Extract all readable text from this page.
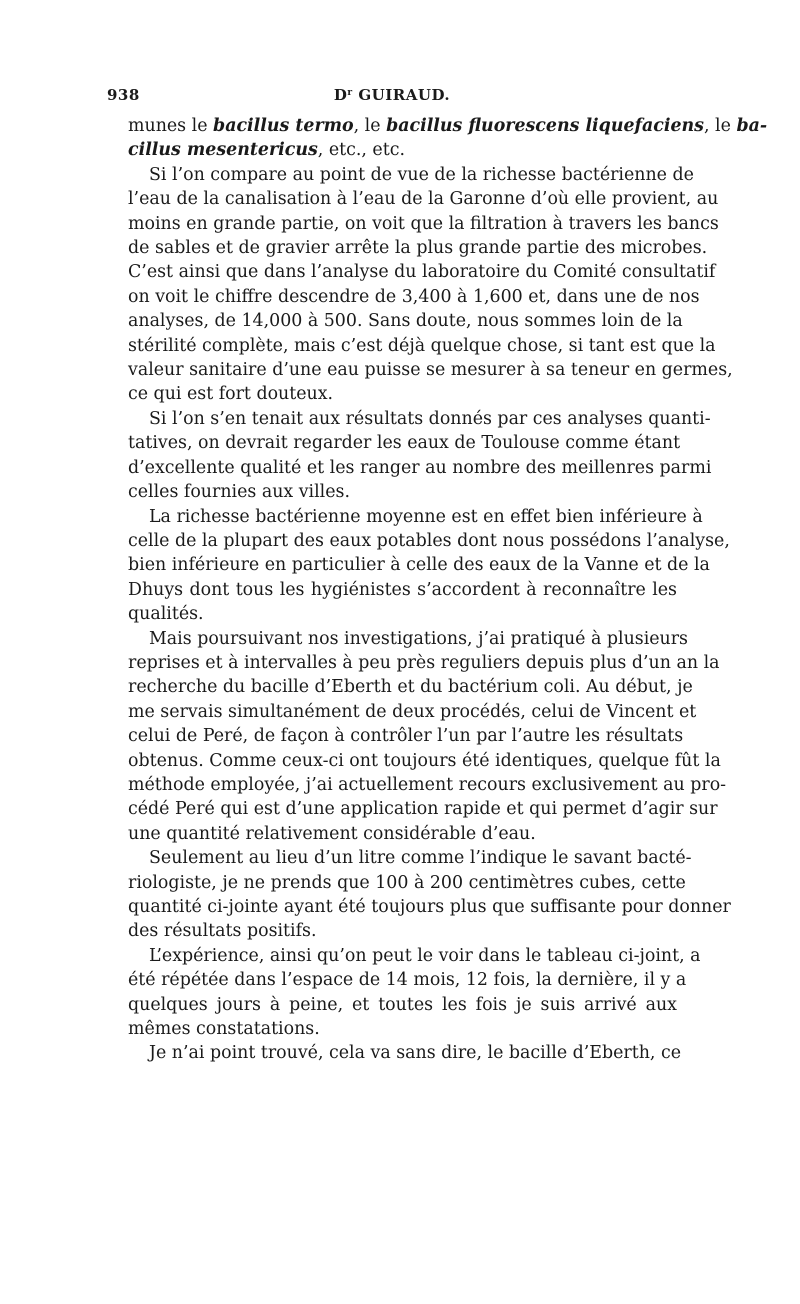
938	$D^r$ GUIRAUD.
munes le bacillus termo, le bacillus fluorescens liquefaciens, le ba-
cillus mesentericus, etc., etc.
Si l’on compare au point de vue de la richesse bactérienne de
l’eau de la canalisation à l’eau de la Garonne d’où elle provient, au
moins en grande partie, on voit que la filtration à travers les bancs
de sables et de gravier arrête la plus grande partie des microbes.
C’est ainsi que dans l’analyse du laboratoire du Comité consultatif
on voit le chiffre descendre de 3,400 à 1,600 et, dans une de nos
analyses, de 14,000 à 500. Sans doute, nous sommes loin de la
stérilité complète, mais c’est déjà quelque chose, si tant est que la
valeur sanitaire d’une eau puisse se mesurer à sa teneur en germes,
ce qui est fort douteux.
Si l’on s’en tenait aux résultats donnés par ces analyses quanti-
tatives, on devrait regarder les eaux de Toulouse comme étant
d’excellente qualité et les ranger au nombre des meillenres parmi
celles fournies aux villes.
La richesse bactérienne moyenne est en effet bien inférieure à
celle de la plupart des eaux potables dont nous possédons l’analyse,
bien inférieure en particulier à celle des eaux de la Vanne et de la
Dhuys dont tous les hygiénistes s’accordent à reconnaître les
qualités.
Mais poursuivant nos investigations, j’ai pratiqué à plusieurs
reprises et à intervalles à peu près reguliers depuis plus d’un an la
recherche du bacille d’Eberth et du bactérium coli. Au début, je
me servais simultanément de deux procédés, celui de Vincent et
celui de Peré, de façon à contrôler l’un par l’autre les résultats
obtenus. Comme ceux-ci ont toujours été identiques, quelque fût la
méthode employée, j’ai actuellement recours exclusivement au pro-
cédé Peré qui est d’une application rapide et qui permet d’agir sur
une quantité relativement considérable d’eau.
Seulement au lieu d’un litre comme l’indique le savant bacté-
riologiste, je ne prends que 100 à 200 centimètres cubes, cette
quantité ci-jointe ayant été toujours plus que suffisante pour donner
des résultats positifs.
L’expérience, ainsi qu’on peut le voir dans le tableau ci-joint, a
été répétée dans l’espace de 14 mois, 12 fois, la dernière, il y a
quelques jours à peine, et toutes les fois je suis arrivé aux
mêmes constatations.
Je n’ai point trouvé, cela va sans dire, le bacille d’Eberth, ce
